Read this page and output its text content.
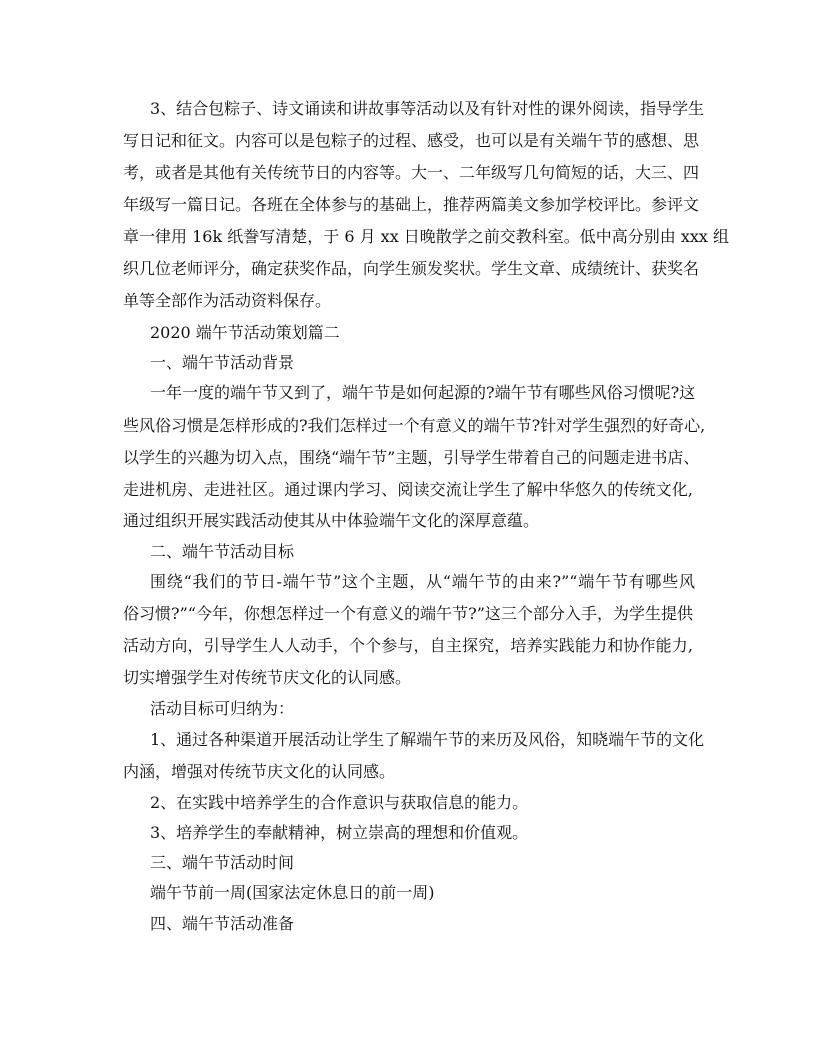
3、结合包粽子、诗文诵读和讲故事等活动以及有针对性的课外阅读，指导学生
写日记和征文。内容可以是包粽子的过程、感受，也可以是有关端午节的感想、思
考，或者是其他有关传统节日的内容等。大一、二年级写几句简短的话，大三、四
年级写一篇日记。各班在全体参与的基础上，推荐两篇美文参加学校评比。参评文
章一律用 16k 纸誊写清楚，于 6 月 xx 日晚散学之前交教科室。低中高分别由 xxx 组
织几位老师评分，确定获奖作品，向学生颁发奖状。学生文章、成绩统计、获奖名
单等全部作为活动资料保存。
2020 端午节活动策划篇二
一、端午节活动背景
一年一度的端午节又到了，端午节是如何起源的?端午节有哪些风俗习惯呢?这
些风俗习惯是怎样形成的?我们怎样过一个有意义的端午节?针对学生强烈的好奇心,
以学生的兴趣为切入点，围绕“端午节”主题，引导学生带着自己的问题走进书店、
走进机房、走进社区。通过课内学习、阅读交流让学生了解中华悠久的传统文化,
通过组织开展实践活动使其从中体验端午文化的深厚意蕴。
二、端午节活动目标
围绕“我们的节日-端午节”这个主题，从“端午节的由来?”“端午节有哪些风
俗习惯?”“今年，你想怎样过一个有意义的端午节?”这三个部分入手，为学生提供
活动方向，引导学生人人动手，个个参与，自主探究，培养实践能力和协作能力,
切实增强学生对传统节庆文化的认同感。
活动目标可归纳为：
1、通过各种渠道开展活动让学生了解端午节的来历及风俗，知晓端午节的文化
内涵，增强对传统节庆文化的认同感。
2、在实践中培养学生的合作意识与获取信息的能力。
3、培养学生的奉献精神，树立崇高的理想和价值观。
三、端午节活动时间
端午节前一周(国家法定休息日的前一周)
四、端午节活动准备
